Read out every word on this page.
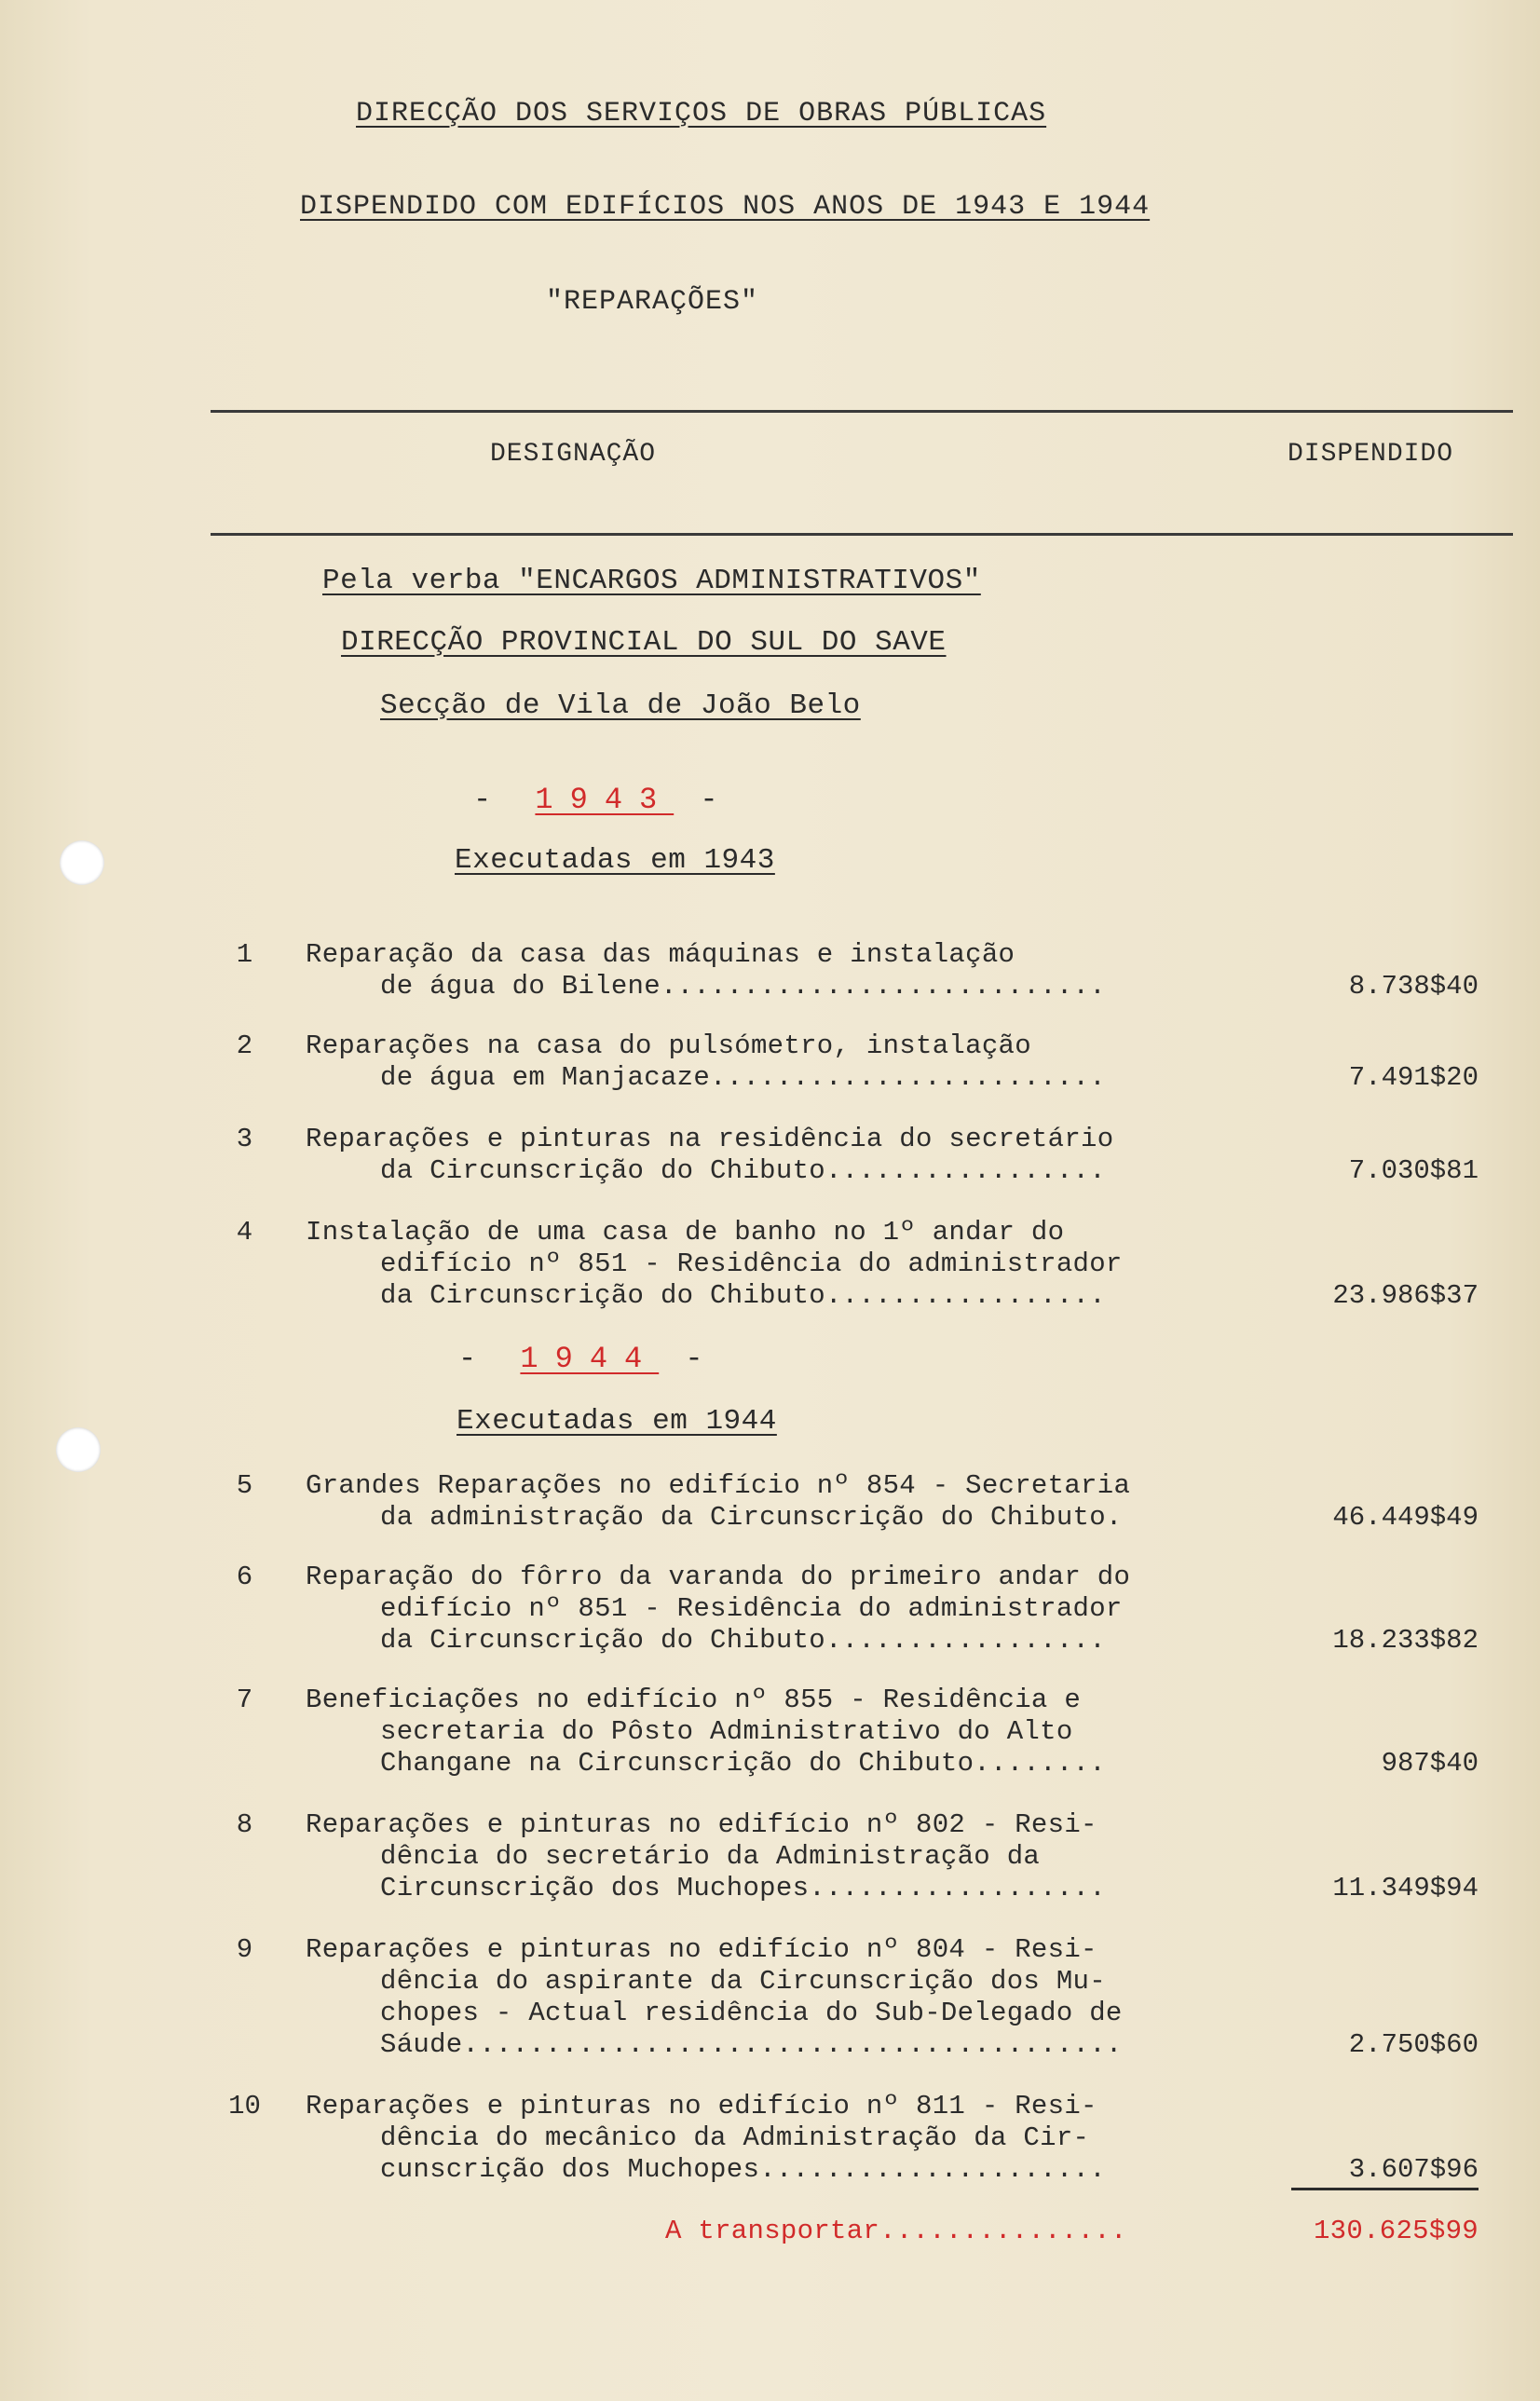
DIRECÇÃO DOS SERVIÇOS DE OBRAS PÚBLICAS
DISPENDIDO COM EDIFÍCIOS NOS ANOS DE 1943 E 1944
"REPARAÇÕES"
DESIGNAÇÃO	DISPENDIDO
Pela verba "ENCARGOS ADMINISTRATIVOS"
DIRECÇÃO PROVINCIAL DO SUL DO SAVE
Secção de Vila de João Belo
- 1943 -
Executadas em 1943
1	Reparação da casa das máquinas e instalação
de água do Bilene...........................	8.738$40
2	Reparações na casa do pulsómetro, instalação
de água em Manjacaze........................	7.491$20
3	Reparações e pinturas na residência do secretário
da Circunscrição do Chibuto.................	7.030$81
4	Instalação de uma casa de banho no 1º andar do
edifício nº 851 - Residência do administrador
da Circunscrição do Chibuto.................	23.986$37
- 1944 -
Executadas em 1944
5	Grandes Reparações no edifício nº 854 - Secretaria
da administração da Circunscrição do Chibuto.	46.449$49
6	Reparação do fôrro da varanda do primeiro andar do
edifício nº 851 - Residência do administrador
da Circunscrição do Chibuto.................	18.233$82
7	Beneficiações no edifício nº 855 - Residência e
secretaria do Pôsto Administrativo do Alto
Changane na Circunscrição do Chibuto........	987$40
8	Reparações e pinturas no edifício nº 802 - Resi-
dência do secretário da Administração da
Circunscrição dos Muchopes..................	11.349$94
9	Reparações e pinturas no edifício nº 804 - Resi-
dência do aspirante da Circunscrição dos Mu-
chopes - Actual residência do Sub-Delegado de
Sáude........................................	2.750$60
10 Reparações e pinturas no edifício nº 811 - Resi-
dência do mecânico da Administração da Cir-
cunscrição dos Muchopes.....................	3.607$96
A transportar...............	130.625$99
